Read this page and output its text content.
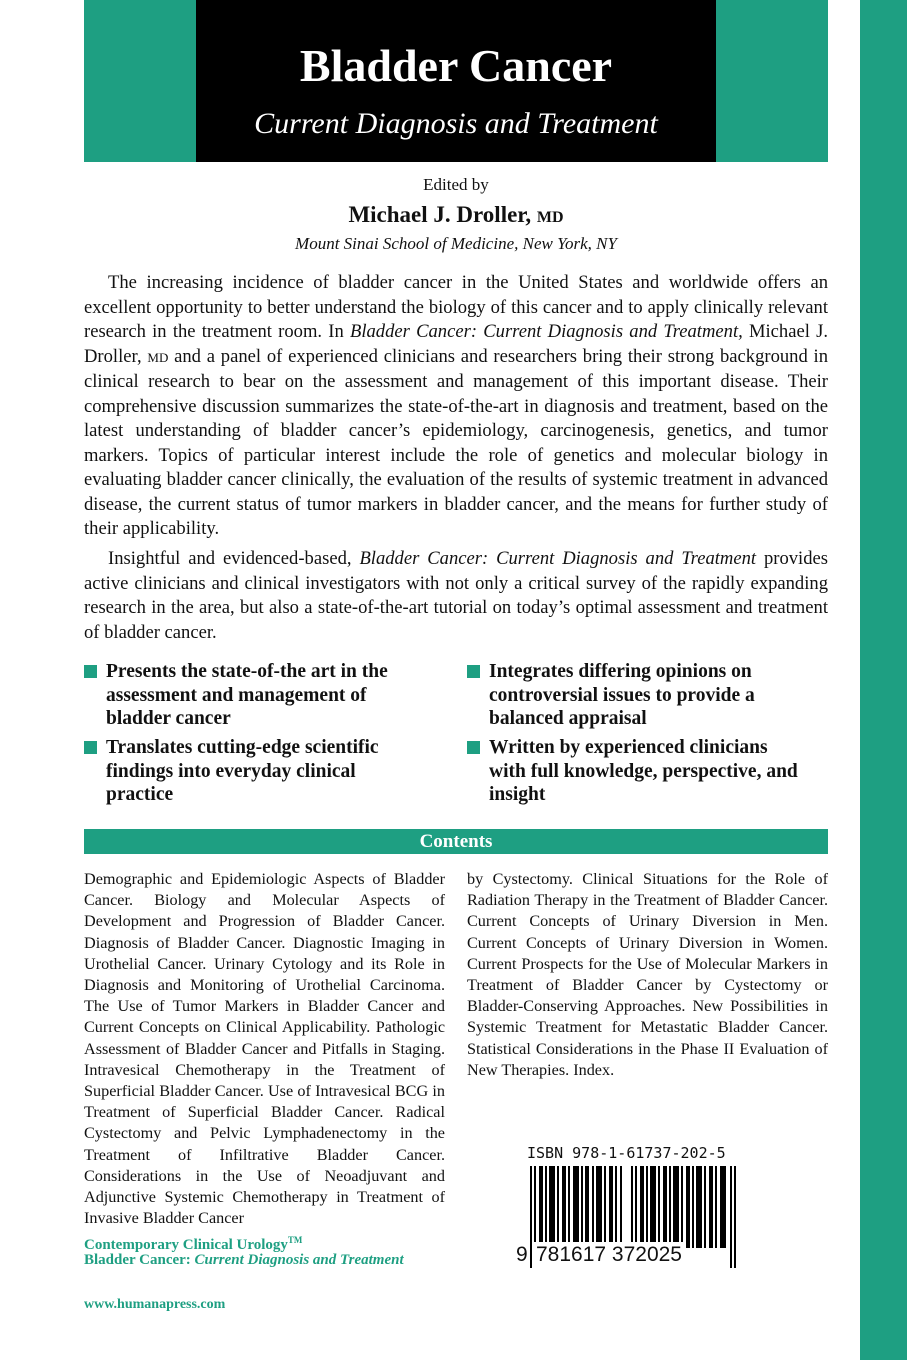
Bladder Cancer
Current Diagnosis and Treatment
Edited by
Michael J. Droller, MD
Mount Sinai School of Medicine, New York, NY

The increasing incidence of bladder cancer in the United States and worldwide offers an excellent opportunity to better understand the biology of this cancer and to apply clinically relevant research in the treatment room. In Bladder Cancer: Current Diagnosis and Treatment, Michael J. Droller, MD and a panel of experienced clinicians and researchers bring their strong background in clinical research to bear on the assessment and management of this important disease. Their comprehensive discussion summarizes the state-of-the-art in diagnosis and treatment, based on the latest understanding of bladder cancer’s epidemiology, carcinogenesis, genetics, and tumor markers. Topics of particular interest include the role of genetics and molecular biology in evaluating bladder cancer clinically, the evaluation of the results of systemic treatment in advanced disease, the current status of tumor markers in bladder cancer, and the means for further study of their applicability.

Insightful and evidenced-based, Bladder Cancer: Current Diagnosis and Treatment provides active clinicians and clinical investigators with not only a critical survey of the rapidly expanding research in the area, but also a state-of-the-art tutorial on today’s optimal assessment and treatment of bladder cancer.

Presents the state-of-the art in the assessment and management of bladder cancer
Translates cutting-edge scientific findings into everyday clinical practice
Integrates differing opinions on controversial issues to provide a balanced appraisal
Written by experienced clinicians with full knowledge, perspective, and insight
Contents

Demographic and Epidemiologic Aspects of Bladder Cancer. Biology and Molecular Aspects of Development and Progression of Bladder Cancer. Diagnosis of Bladder Cancer. Diagnostic Imaging in Urothelial Cancer. Urinary Cytology and its Role in Diagnosis and Monitoring of Urothelial Carcinoma. The Use of Tumor Markers in Bladder Cancer and Current Concepts on Clinical Applicability. Pathologic Assessment of Bladder Cancer and Pitfalls in Staging. Intravesical Chemotherapy in the Treatment of Superficial Bladder Cancer. Use of Intravesical BCG in Treatment of Superficial Bladder Cancer. Radical Cystectomy and Pelvic Lymphadenectomy in the Treatment of Infiltrative Bladder Cancer. Considerations in the Use of Neoadjuvant and Adjunctive Systemic Chemotherapy in Treatment of Invasive Bladder Cancer

by Cystectomy. Clinical Situations for the Role of Radiation Therapy in the Treatment of Bladder Cancer. Current Concepts of Urinary Diversion in Men. Current Concepts of Urinary Diversion in Women. Current Prospects for the Use of Molecular Markers in Treatment of Bladder Cancer by Cystectomy or Bladder-Conserving Approaches. New Possibilities in Systemic Treatment for Metastatic Bladder Cancer. Statistical Considerations in the Phase II Evaluation of New Therapies. Index.

ISBN 978-1-61737-202-5
9 781617 372025
Contemporary Clinical Urology™
Bladder Cancer: Current Diagnosis and Treatment
www.humanapress.com
